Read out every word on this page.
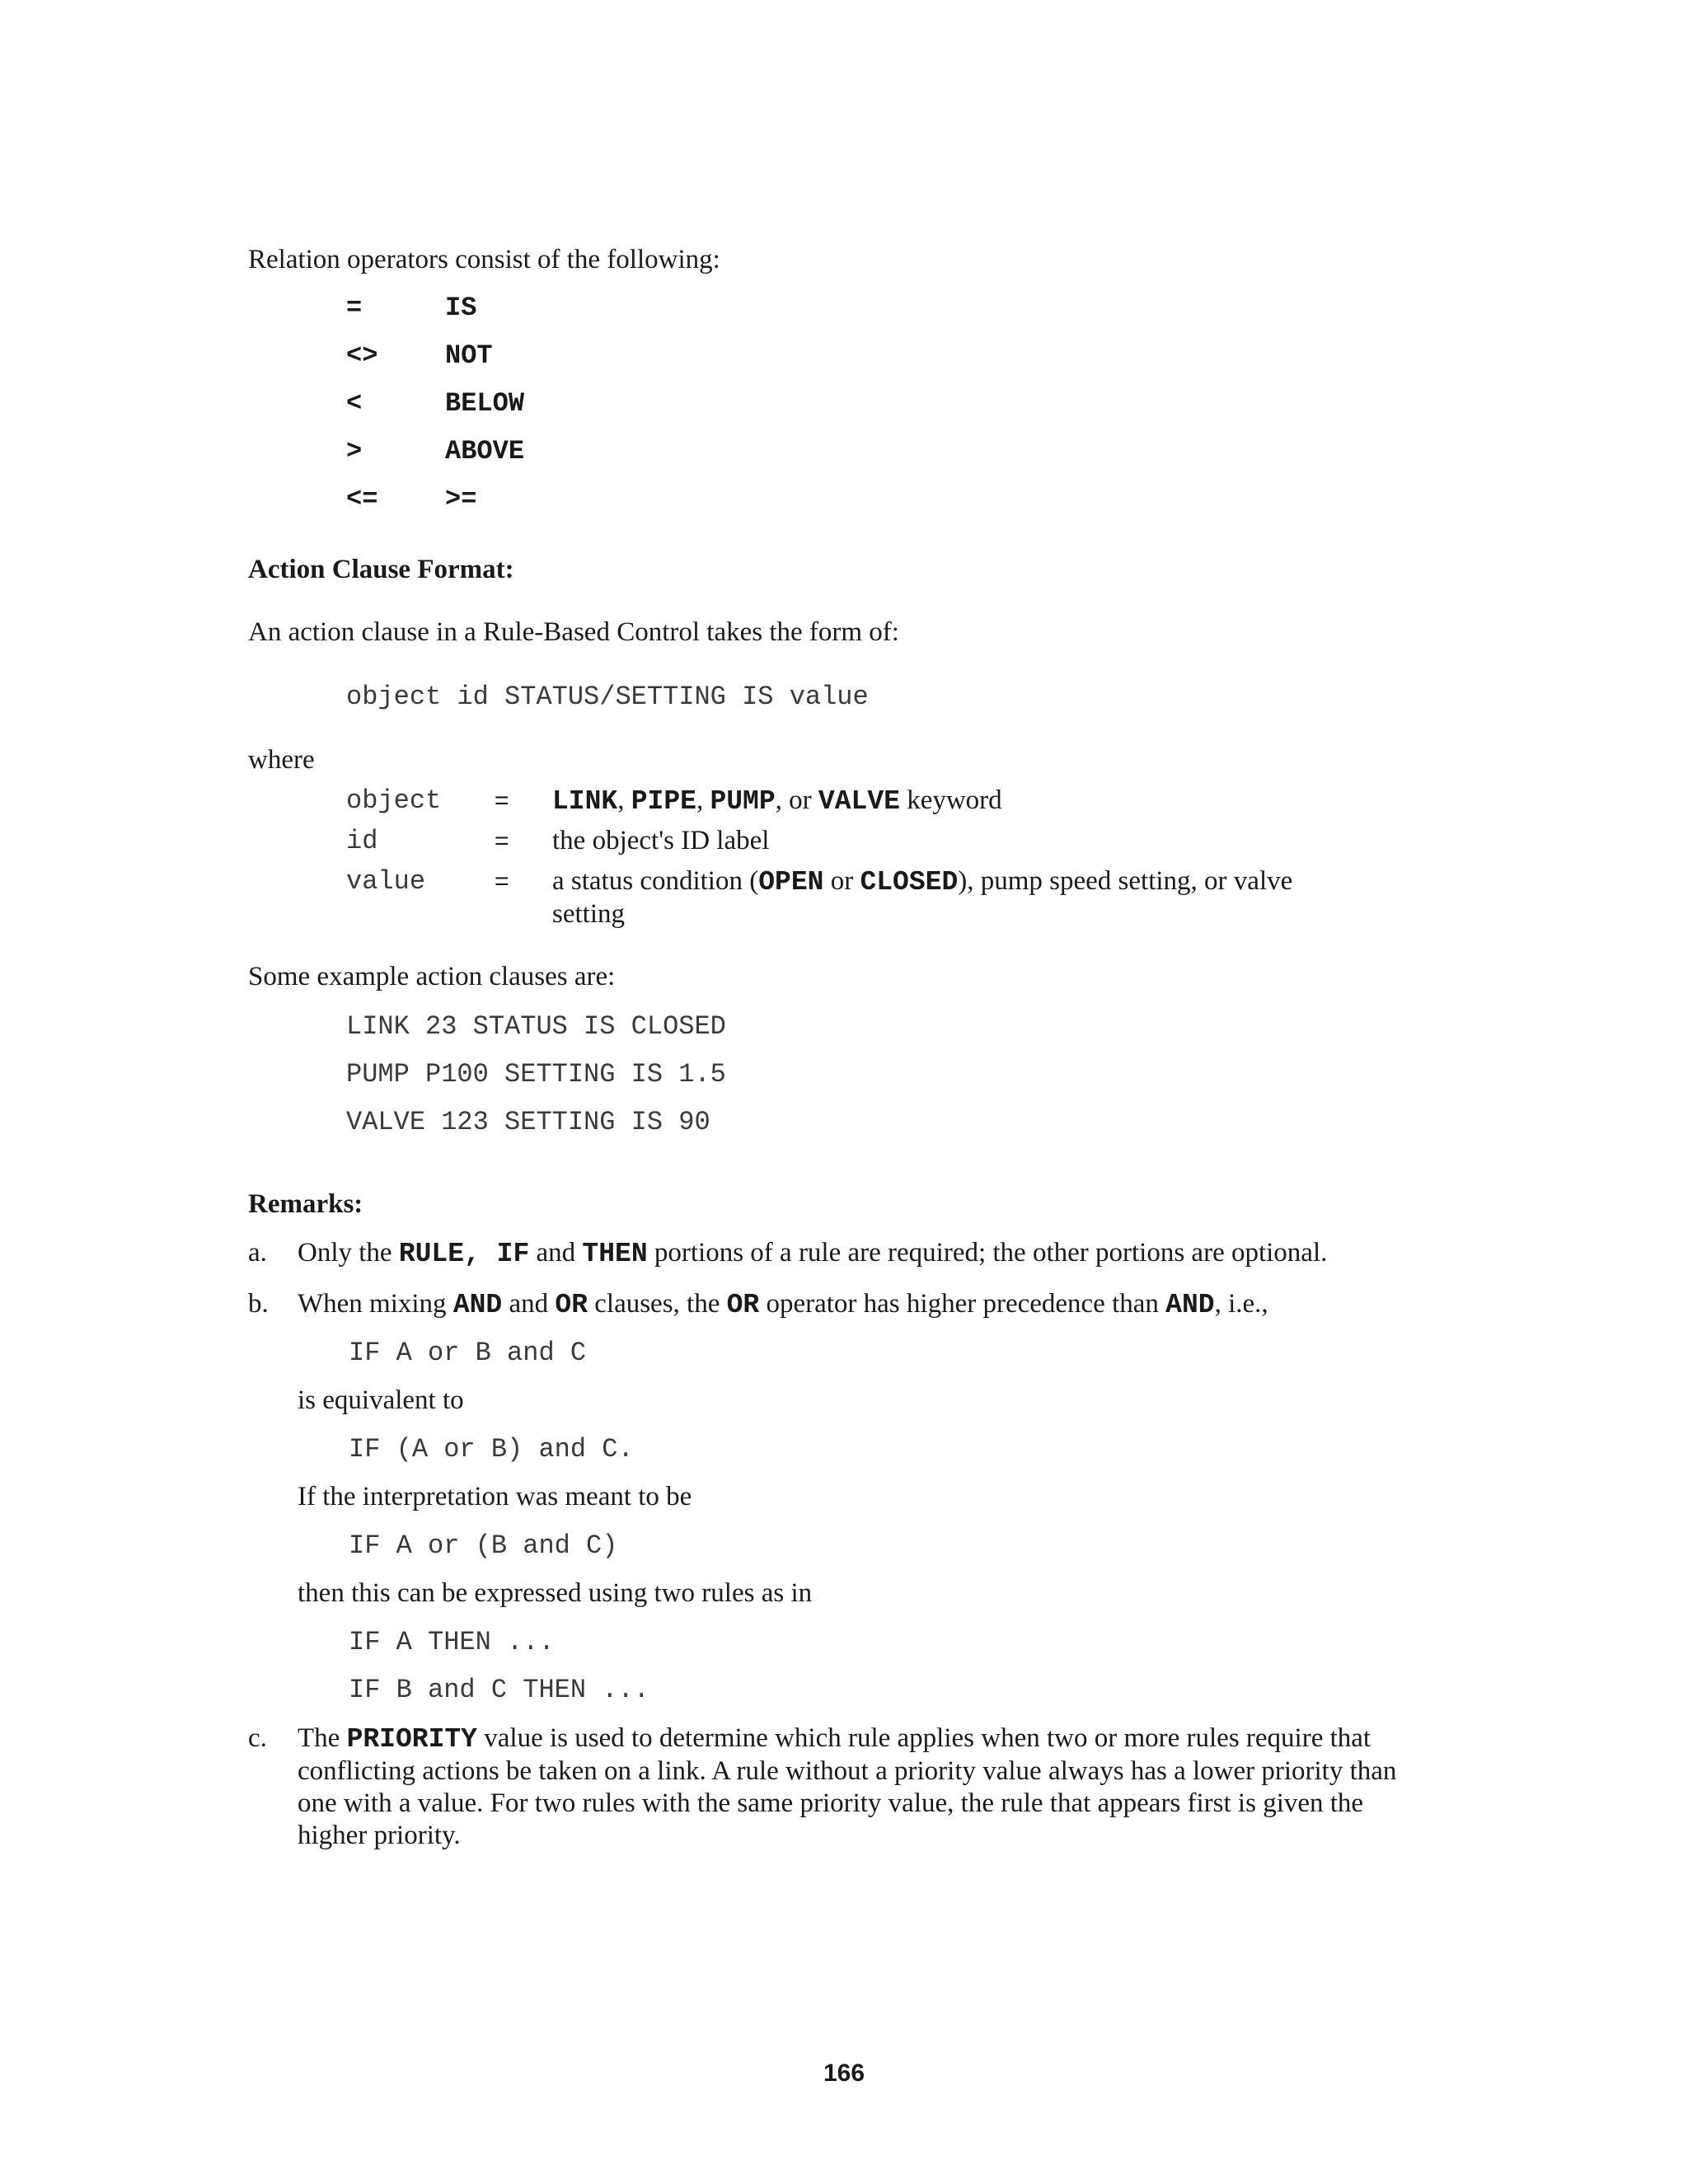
Relation operators consist of the following:
=	IS
<>	NOT
<	BELOW
>	ABOVE
<=	>=
Action Clause Format:
An action clause in a Rule-Based Control takes the form of:
object id STATUS/SETTING IS value
where
object = LINK, PIPE, PUMP, or VALVE keyword
id	= the object's ID label
value	= a status condition (OPEN or CLOSED), pump speed setting, or valve setting
Some example action clauses are:
LINK 23 STATUS IS CLOSED
PUMP P100 SETTING IS 1.5
VALVE 123 SETTING IS 90
Remarks:
a. Only the RULE, IF and THEN portions of a rule are required; the other portions are optional.
b. When mixing AND and OR clauses, the OR operator has higher precedence than AND, i.e.,
IF A or B and C
is equivalent to
IF (A or B) and C.
If the interpretation was meant to be
IF A or (B and C)
then this can be expressed using two rules as in
IF A THEN ...
IF B and C THEN ...
c. The PRIORITY value is used to determine which rule applies when two or more rules require that conflicting actions be taken on a link. A rule without a priority value always has a lower priority than one with a value. For two rules with the same priority value, the rule that appears first is given the higher priority.
166
